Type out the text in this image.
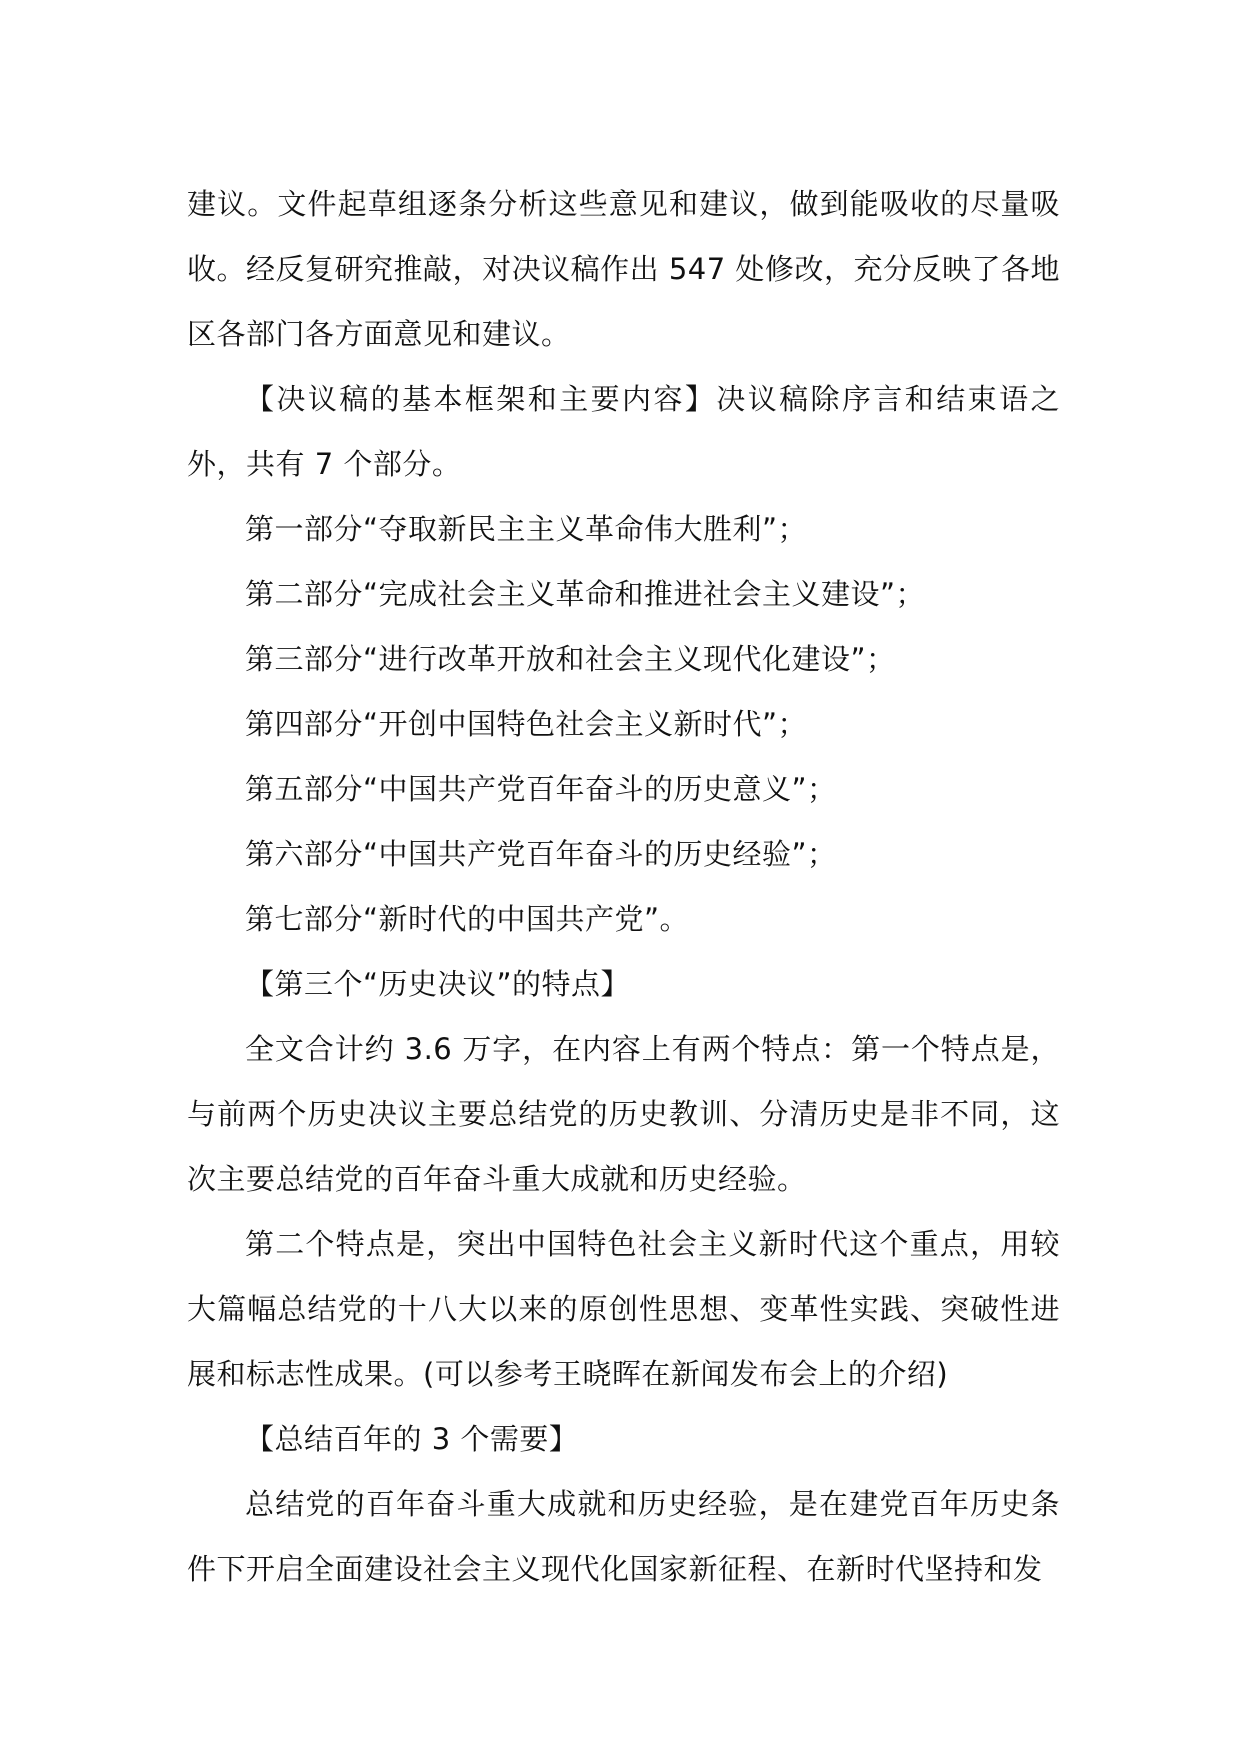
建议。文件起草组逐条分析这些意见和建议，做到能吸收的尽量吸收。经反复研究推敲，对决议稿作出 547 处修改，充分反映了各地区各部门各方面意见和建议。

【决议稿的基本框架和主要内容】决议稿除序言和结束语之外，共有 7 个部分。

第一部分“夺取新民主主义革命伟大胜利”；

第二部分“完成社会主义革命和推进社会主义建设”；

第三部分“进行改革开放和社会主义现代化建设”；

第四部分“开创中国特色社会主义新时代”；

第五部分“中国共产党百年奋斗的历史意义”；

第六部分“中国共产党百年奋斗的历史经验”；

第七部分“新时代的中国共产党”。

【第三个“历史决议”的特点】

全文合计约 3.6 万字，在内容上有两个特点：第一个特点是，与前两个历史决议主要总结党的历史教训、分清历史是非不同，这次主要总结党的百年奋斗重大成就和历史经验。

第二个特点是，突出中国特色社会主义新时代这个重点，用较大篇幅总结党的十八大以来的原创性思想、变革性实践、突破性进展和标志性成果。(可以参考王晓晖在新闻发布会上的介绍)

【总结百年的 3 个需要】

总结党的百年奋斗重大成就和历史经验，是在建党百年历史条件下开启全面建设社会主义现代化国家新征程、在新时代坚持和发
